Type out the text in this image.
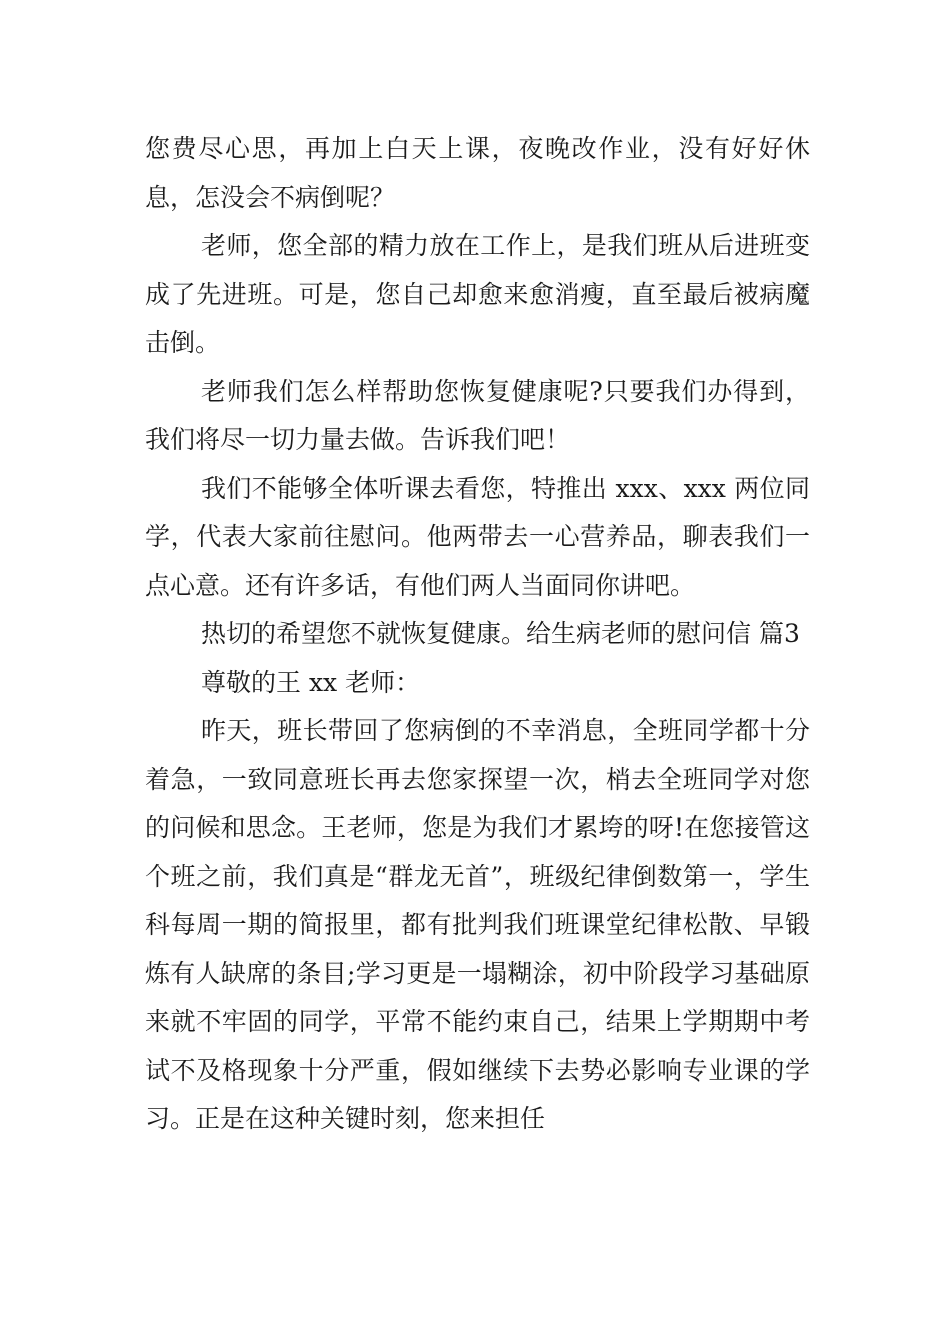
您费尽心思，再加上白天上课，夜晚改作业，没有好好休息，怎没会不病倒呢？

老师，您全部的精力放在工作上，是我们班从后进班变成了先进班。可是，您自己却愈来愈消瘦，直至最后被病魔击倒。

老师我们怎么样帮助您恢复健康呢?只要我们办得到，我们将尽一切力量去做。告诉我们吧！

我们不能够全体听课去看您，特推出 xxx、xxx 两位同学，代表大家前往慰问。他两带去一心营养品，聊表我们一点心意。还有许多话，有他们两人当面同你讲吧。

热切的希望您不就恢复健康。给生病老师的慰问信 篇3

尊敬的王 xx 老师：

昨天，班长带回了您病倒的不幸消息，全班同学都十分着急，一致同意班长再去您家探望一次，梢去全班同学对您的问候和思念。王老师，您是为我们才累垮的呀!在您接管这个班之前，我们真是“群龙无首”，班级纪律倒数第一，学生科每周一期的简报里，都有批判我们班课堂纪律松散、早锻炼有人缺席的条目;学习更是一塌糊涂，初中阶段学习基础原来就不牢固的同学，平常不能约束自己，结果上学期期中考试不及格现象十分严重，假如继续下去势必影响专业课的学习。正是在这种关键时刻，您来担任
